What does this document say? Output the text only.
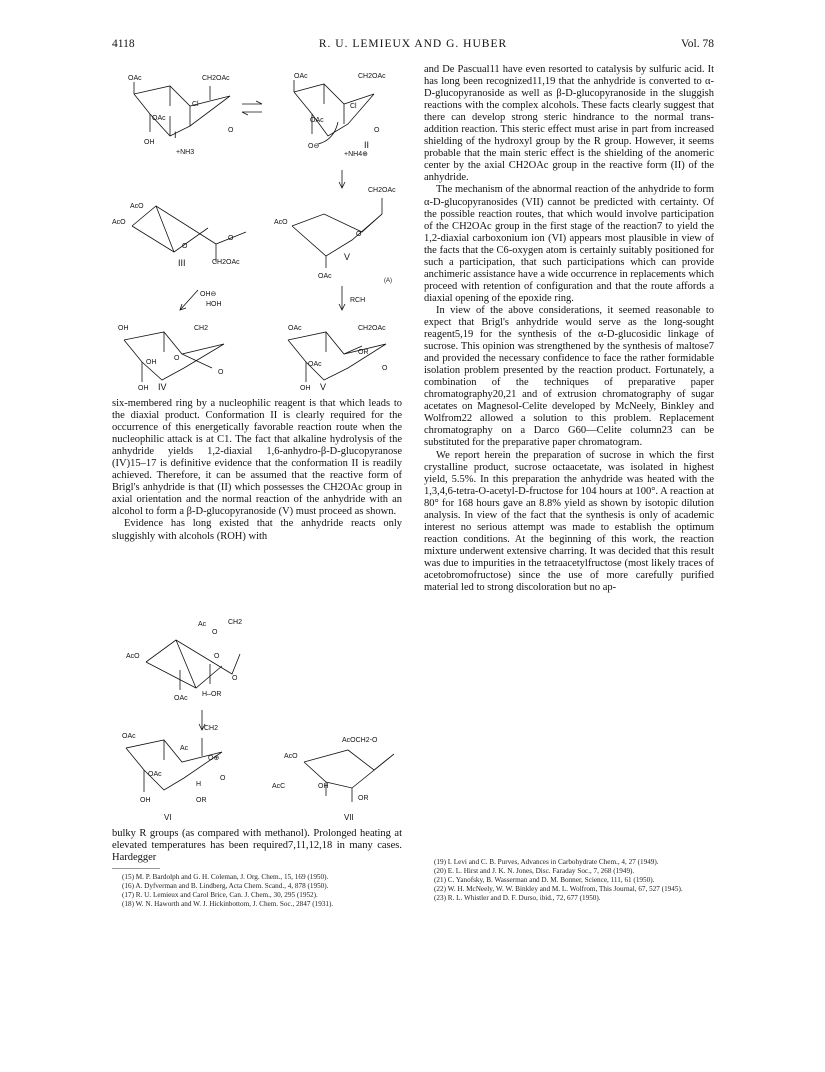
4118	R. U. LEMIEUX AND G. HUBER	Vol. 78
OAc	CH2OAc
Cl
OAc
O
OH
I
+NH3
OAc	CH2OAc
Cl
OAc
O
O⊖	II
+NH4⊕
AcO
AcO
O
O
CH2OAc
III
CH2OAc
AcO
O
OAc
V
(A)
OH⊖
HOH
RCH
OH	CH2
OH
O
O
OH IV
OAc	CH2OAc
OR
OAc
O
OH V

six-membered ring by a nucleophilic reagent is that which leads to the diaxial product. Conformation II is clearly required for the occurrence of this energetically favorable reaction route when the nucleophilic attack is at C1. The fact that alkaline hydrolysis of the anhydride yields 1,2-diaxial 1,6-anhydro-β-D-glucopyranose (IV)15–17 is definitive evidence that the conformation II is readily achieved. Therefore, it can be assumed that the reactive form of Brigl's anhydride is that (II) which possesses the CH2OAc group in axial orientation and the normal reaction of the anhydride with an alcohol to form a β-D-glucopyranoside (V) must proceed as shown.

Evidence has long existed that the anhydride reacts only sluggishly with alcohols (ROH) with

Ac
O
CH2
AcO	O
O
H–OR
OAc
OAc
CH2
Ac
O⊕
OAc
O
H
OH	OR
VI
AcO
AcOCH2-O
AcC	OH
OR
VII

bulky R groups (as compared with methanol). Prolonged heating at elevated temperatures has been required7,11,12,18 in many cases. Hardegger

(15) M. P. Bardolph and G. H. Coleman, J. Org. Chem., 15, 169 (1950).
(16) A. Dyfverman and B. Lindberg, Acta Chem. Scand., 4, 878 (1950).
(17) R. U. Lemieux and Carol Brice, Can. J. Chem., 30, 295 (1952).
(18) W. N. Haworth and W. J. Hickinbottom, J. Chem. Soc., 2847 (1931).

and De Pascual11 have even resorted to catalysis by sulfuric acid. It has long been recognized11,19 that the anhydride is converted to α-D-glucopyranoside as well as β-D-glucopyranoside in the sluggish reactions with the complex alcohols. These facts clearly suggest that there can develop strong steric hindrance to the normal trans-addition reaction. This steric effect must arise in part from increased shielding of the hydroxyl group by the R group. However, it seems probable that the main steric effect is the shielding of the anomeric center by the axial CH2OAc group in the reactive form (II) of the anhydride.

The mechanism of the abnormal reaction of the anhydride to form α-D-glucopyranosides (VII) cannot be predicted with certainty. Of the possible reaction routes, that which would involve participation of the CH2OAc group in the first stage of the reaction7 to yield the 1,2-diaxial carboxonium ion (VI) appears most plausible in view of the facts that the C6-oxygen atom is certainly suitably positioned for such a participation, that such participations which can provide anchimeric assistance have a wide occurrence in replacements which proceed with retention of configuration and that the route affords a diaxial opening of the epoxide ring.

In view of the above considerations, it seemed reasonable to expect that Brigl's anhydride would serve as the long-sought reagent5,19 for the synthesis of the α-D-glucosidic linkage of sucrose. This opinion was strengthened by the synthesis of maltose7 and provided the necessary confidence to face the rather formidable isolation problem presented by the reaction product. Fortunately, a combination of the techniques of preparative paper chromatography20,21 and of extrusion chromatography of sugar acetates on Magnesol-Celite developed by McNeely, Binkley and Wolfrom22 allowed a solution to this problem. Replacement chromatography on a Darco G60—Celite column23 can be substituted for the preparative paper chromatogram.

We report herein the preparation of sucrose in which the first crystalline product, sucrose octaacetate, was isolated in highest yield, 5.5%. In this preparation the anhydride was heated with the 1,3,4,6-tetra-O-acetyl-D-fructose for 104 hours at 100°. A reaction at 80° for 168 hours gave an 8.8% yield as shown by isotopic dilution analysis. In view of the fact that the synthesis is only of academic interest no serious attempt was made to establish the optimum reaction conditions. At the beginning of this work, the reaction mixture underwent extensive charring. It was decided that this result was due to impurities in the tetraacetylfructose (most likely traces of acetobromofructose) since the use of more carefully purified material led to strong discoloration but no ap-

(19) I. Levi and C. B. Purves, Advances in Carbohydrate Chem., 4, 27 (1949).
(20) E. L. Hirst and J. K. N. Jones, Disc. Faraday Soc., 7, 268 (1949).
(21) C. Yanofsky, B. Wasserman and D. M. Bonner, Science, 111, 61 (1950).
(22) W. H. McNeely, W. W. Binkley and M. L. Wolfrom, This Journal, 67, 527 (1945).
(23) R. L. Whistler and D. F. Durso, ibid., 72, 677 (1950).
